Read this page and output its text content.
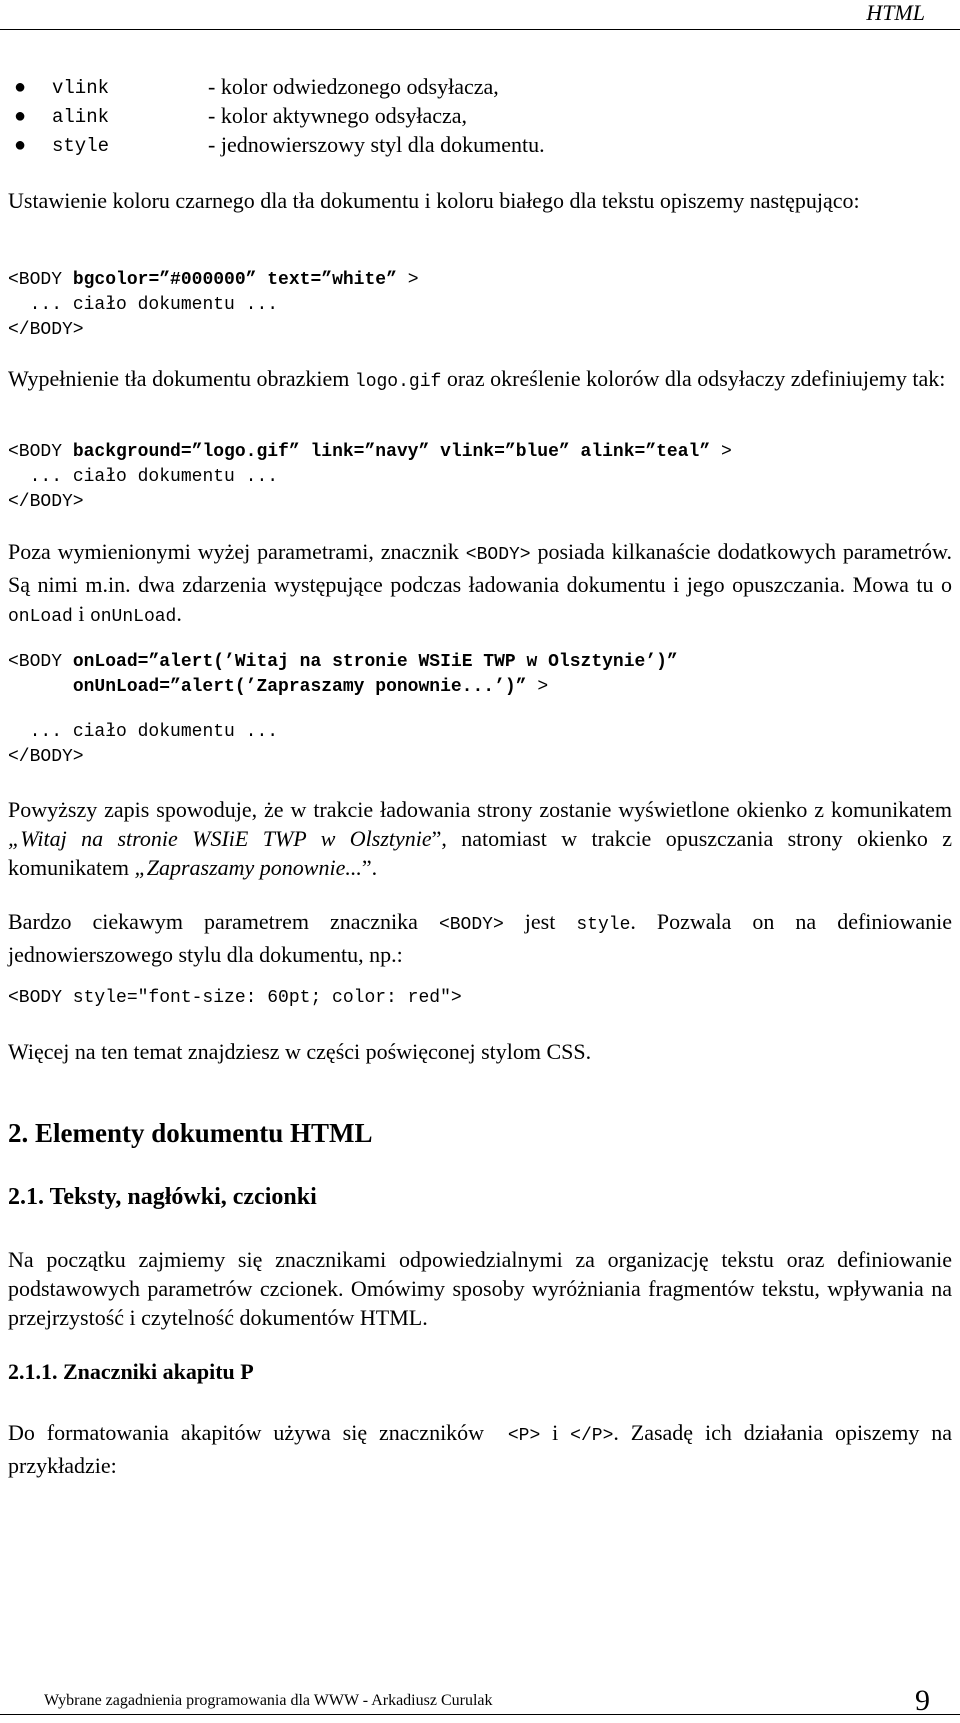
HTML
● vlink	- kolor odwiedzonego odsyłacza,
● alink	- kolor aktywnego odsyłacza,
● style	- jednowierszowy styl dla dokumentu.
Ustawienie koloru czarnego dla tła dokumentu i koloru białego dla tekstu opiszemy następująco:
<BODY bgcolor=”#000000” text=”white” >
... ciało dokumentu ...
</BODY>
Wypełnienie tła dokumentu obrazkiem logo.gif oraz określenie kolorów dla odsyłaczy zdefiniujemy tak:
<BODY background=”logo.gif” link=”navy” vlink=”blue” alink=”teal” >
... ciało dokumentu ...
</BODY>
Poza wymienionymi wyżej parametrami, znacznik <BODY> posiada kilkanaście dodatkowych parametrów. Są nimi m.in. dwa zdarzenia występujące podczas ładowania dokumentu i jego opuszczania. Mowa tu o onLoad i onUnLoad.
<BODY onLoad=”alert(’Witaj na stronie WSIiE TWP w Olsztynie’)”
onUnLoad=”alert(’Zapraszamy ponownie...’)” >
... ciało dokumentu ...
</BODY>
Powyższy zapis spowoduje, że w trakcie ładowania strony zostanie wyświetlone okienko z komunikatem „Witaj na stronie WSIiE TWP w Olsztynie”, natomiast w trakcie opuszczania strony okienko z komunikatem „Zapraszamy ponownie...”.
Bardzo ciekawym parametrem znacznika <BODY> jest style. Pozwala on na definiowanie jednowierszowego stylu dla dokumentu, np.:
<BODY style="font-size: 60pt; color: red">
Więcej na ten temat znajdziesz w części poświęconej stylom CSS.
2. Elementy dokumentu HTML
2.1. Teksty, nagłówki, czcionki
Na początku zajmiemy się znacznikami odpowiedzialnymi za organizację tekstu oraz definiowanie podstawowych parametrów czcionek. Omówimy sposoby wyróżniania fragmentów tekstu, wpływania na przejrzystość i czytelność dokumentów HTML.
2.1.1. Znaczniki akapitu P
Do formatowania akapitów używa się znaczników <P> i </P>. Zasadę ich działania opiszemy na przykładzie:
Wybrane zagadnienia programowania dla WWW - Arkadiusz Curulak	9
